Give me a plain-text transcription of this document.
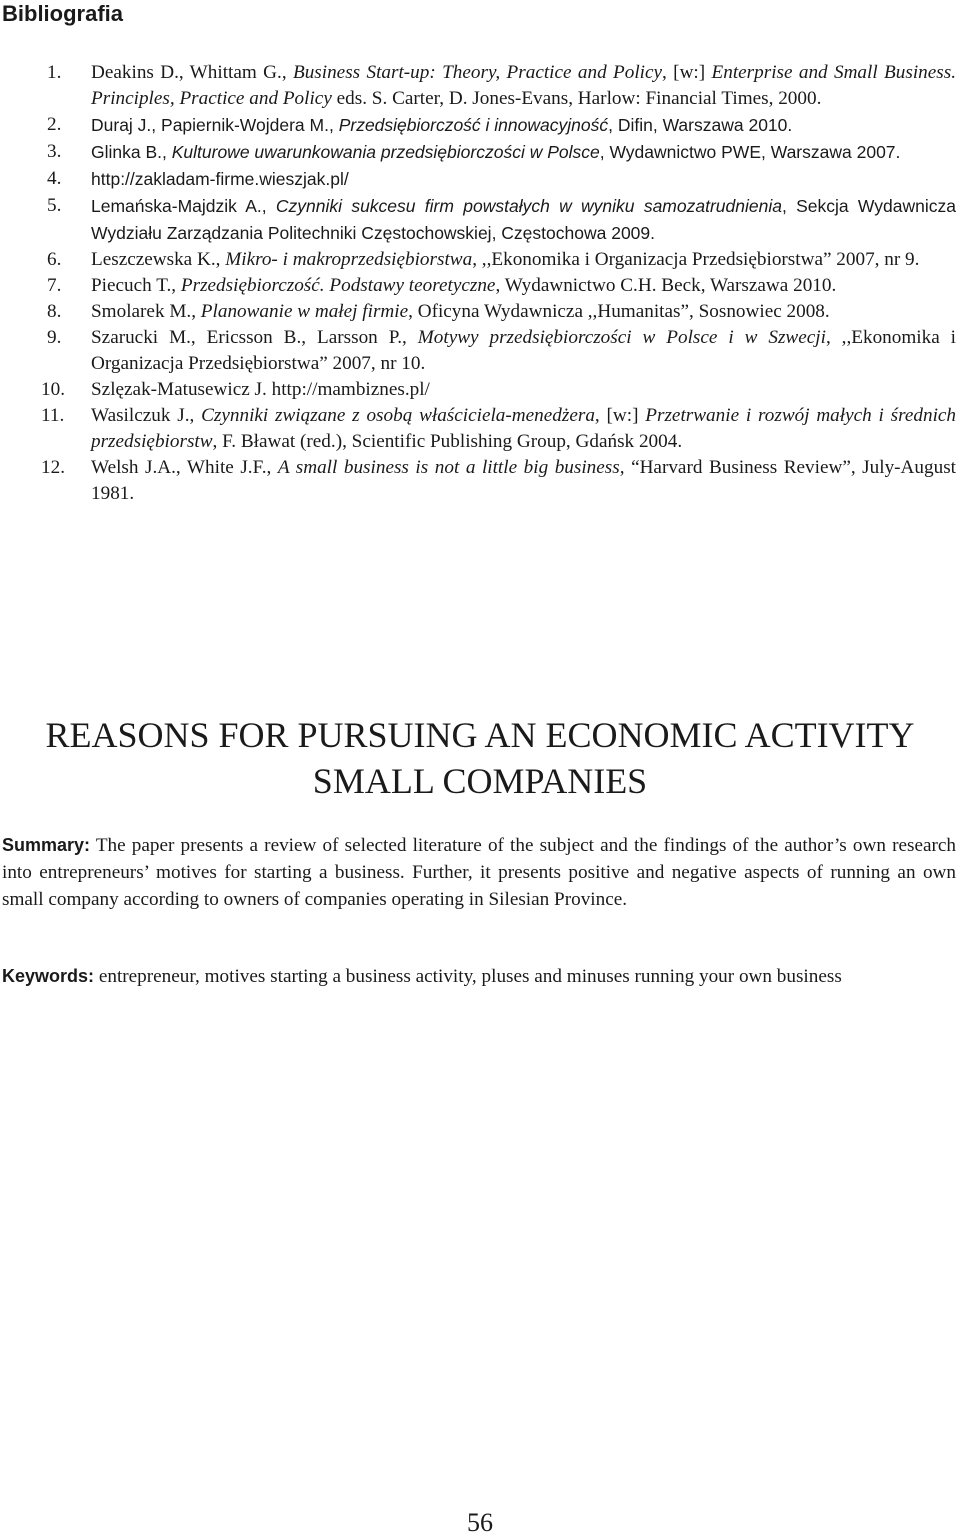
Bibliografia
1. Deakins D., Whittam G., Business Start-up: Theory, Practice and Policy, [w:] Enterprise and Small Business. Principles, Practice and Policy eds. S. Carter, D. Jones-Evans, Harlow: Financial Times, 2000.
2. Duraj J., Papiernik-Wojdera M., Przedsiębiorczość i innowacyjność, Difin, Warszawa 2010.
3. Glinka B., Kulturowe uwarunkowania przedsiębiorczości w Polsce, Wydawnictwo PWE, Warszawa 2007.
4. http://zakladam-firme.wieszjak.pl/
5. Lemańska-Majdzik A., Czynniki sukcesu firm powstałych w wyniku samozatrudnienia, Sekcja Wydawnicza Wydziału Zarządzania Politechniki Częstochowskiej, Częstochowa 2009.
6. Leszczewska K., Mikro- i makroprzedsiębiorstwa, ,,Ekonomika i Organizacja Przedsiębiorstwa” 2007, nr 9.
7. Piecuch T., Przedsiębiorczość. Podstawy teoretyczne, Wydawnictwo C.H. Beck, Warszawa 2010.
8. Smolarek M., Planowanie w małej firmie, Oficyna Wydawnicza ,,Humanitas”, Sosnowiec 2008.
9. Szarucki M., Ericsson B., Larsson P., Motywy przedsiębiorczości w Polsce i w Szwecji, ,,Ekonomika i Organizacja Przedsiębiorstwa” 2007, nr 10.
10. Szlęzak-Matusewicz J. http://mambiznes.pl/
11. Wasilczuk J., Czynniki związane z osobą właściciela-menedżera, [w:] Przetrwanie i rozwój małych i średnich przedsiębiorstw, F. Bławat (red.), Scientific Publishing Group, Gdańsk 2004.
12. Welsh J.A., White J.F., A small business is not a little big business, “Harvard Business Review”, July-August 1981.
REASONS FOR PURSUING AN ECONOMIC ACTIVITY
SMALL COMPANIES

Summary: The paper presents a review of selected literature of the subject and the findings of the author’s own research into entrepreneurs’ motives for starting a business. Further, it presents positive and negative aspects of running an own small company according to owners of companies operating in Silesian Province.

Keywords: entrepreneur, motives starting a business activity, pluses and minuses running your own business

56
